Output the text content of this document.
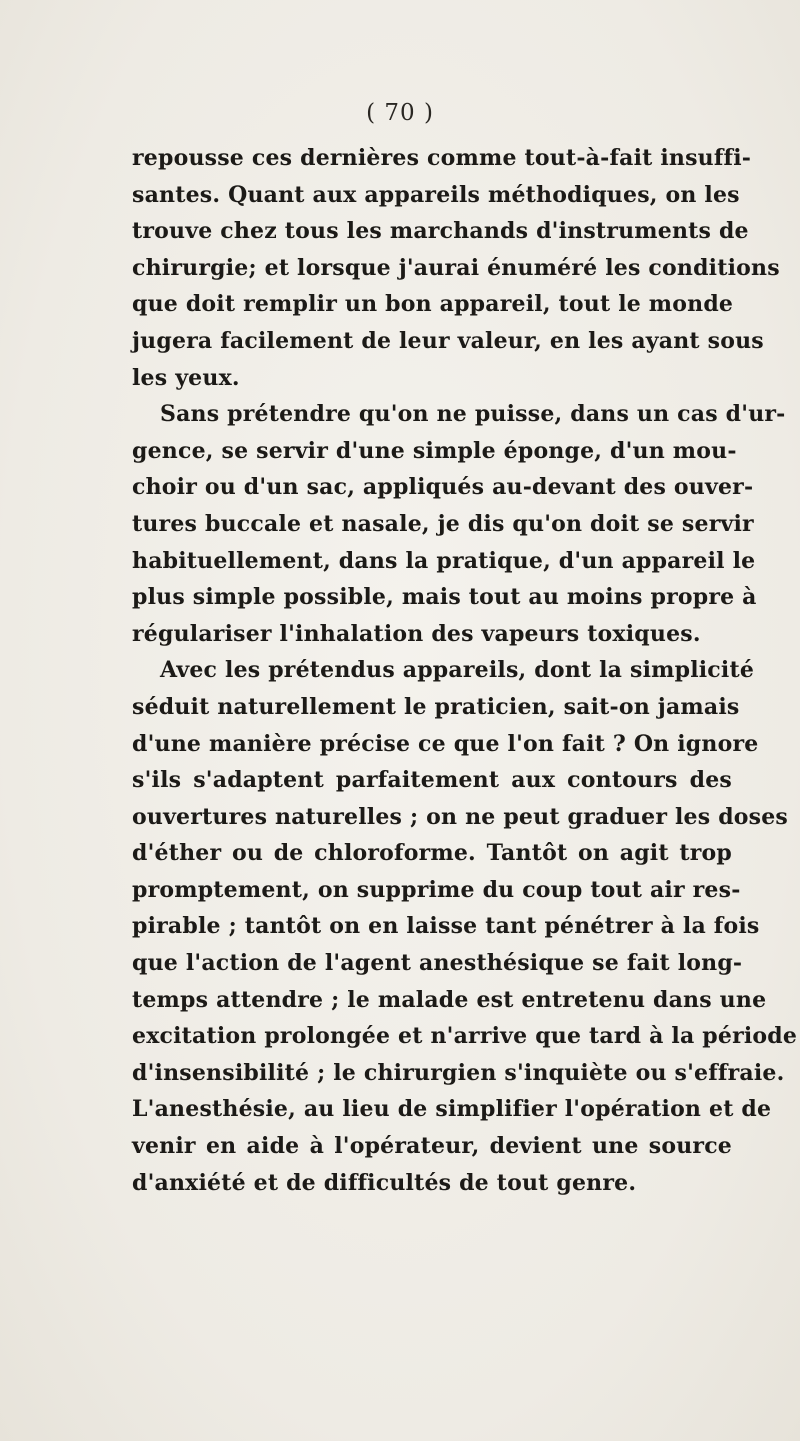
( 70 )
repousse ces dernières comme tout-à-fait insuffi-
santes. Quant aux appareils méthodiques, on les
trouve chez tous les marchands d'instruments de
chirurgie; et lorsque j'aurai énuméré les conditions
que doit remplir un bon appareil, tout le monde
jugera facilement de leur valeur, en les ayant sous
les yeux.
Sans prétendre qu'on ne puisse, dans un cas d'ur-
gence, se servir d'une simple éponge, d'un mou-
choir ou d'un sac, appliqués au-devant des ouver-
tures buccale et nasale, je dis qu'on doit se servir
habituellement, dans la pratique, d'un appareil le
plus simple possible, mais tout au moins propre à
régulariser l'inhalation des vapeurs toxiques.
Avec les prétendus appareils, dont la simplicité
séduit naturellement le praticien, sait-on jamais
d'une manière précise ce que l'on fait ? On ignore
s'ils s'adaptent parfaitement aux contours des
ouvertures naturelles ; on ne peut graduer les doses
d'éther ou de chloroforme. Tantôt on agit trop
promptement, on supprime du coup tout air res-
pirable ; tantôt on en laisse tant pénétrer à la fois
que l'action de l'agent anesthésique se fait long-
temps attendre ; le malade est entretenu dans une
excitation prolongée et n'arrive que tard à la période
d'insensibilité ; le chirurgien s'inquiète ou s'effraie.
L'anesthésie, au lieu de simplifier l'opération et de
venir en aide à l'opérateur, devient une source
d'anxiété et de difficultés de tout genre.
